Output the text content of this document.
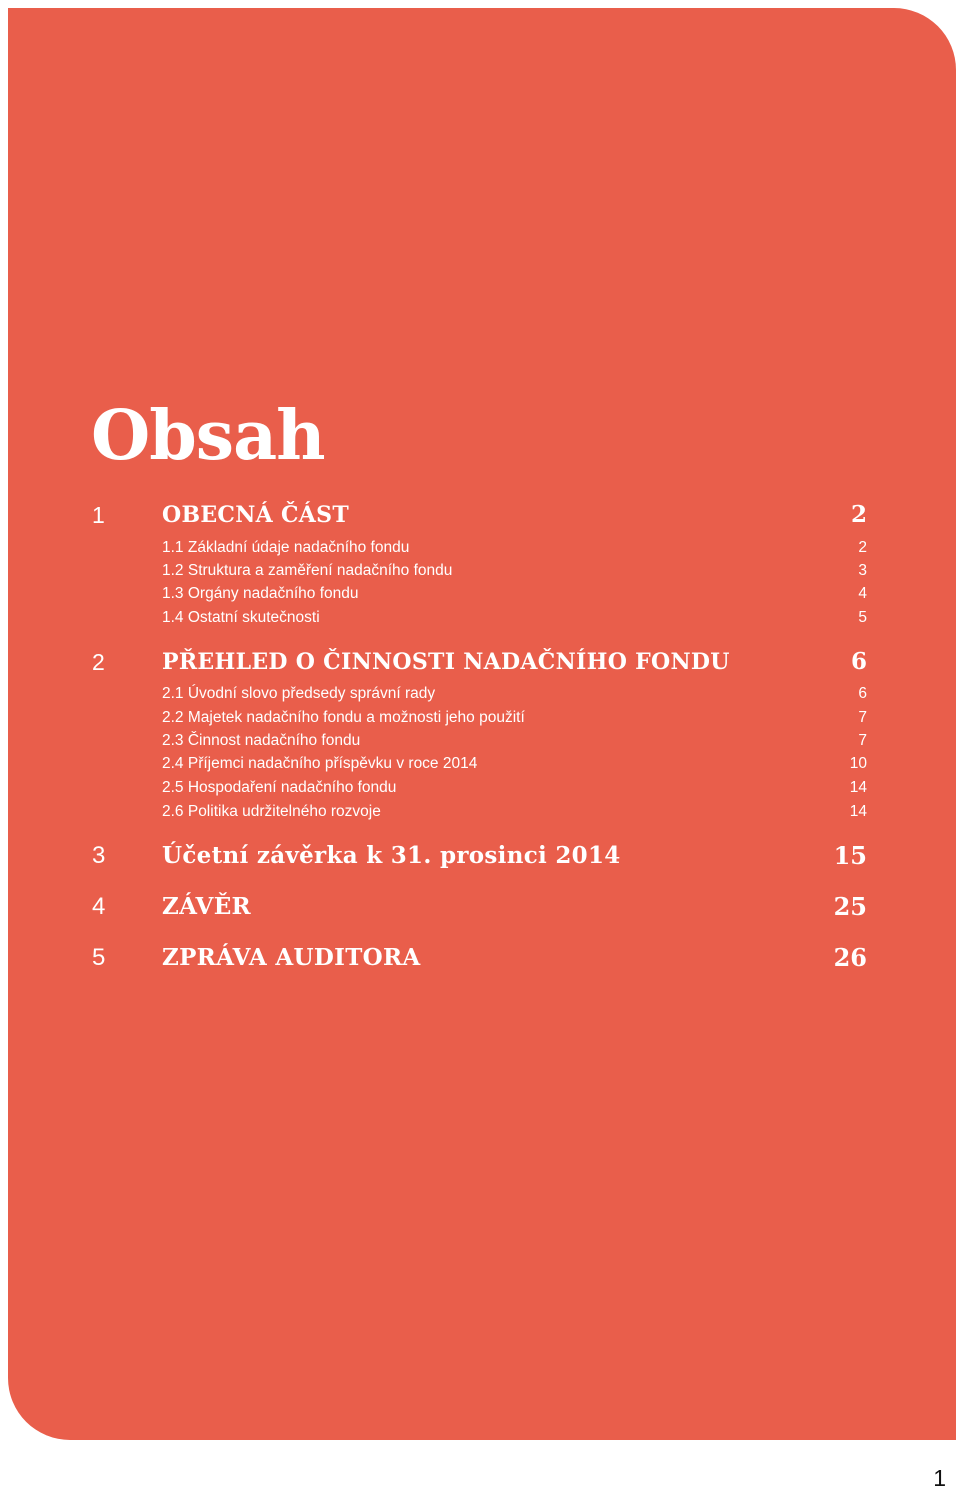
Obsah
1	OBECNÁ ČÁST	2
1.1 Základní údaje nadačního fondu	2
1.2 Struktura a zaměření nadačního fondu	3
1.3 Orgány nadačního fondu	4
1.4 Ostatní skutečnosti	5
2	PŘEHLED O ČINNOSTI NADAČNÍHO FONDU	6
2.1 Úvodní slovo předsedy správní rady	6
2.2 Majetek nadačního fondu a možnosti jeho použití	7
2.3 Činnost nadačního fondu	7
2.4 Příjemci nadačního příspěvku v roce 2014	10
2.5 Hospodaření nadačního fondu	14
2.6 Politika udržitelného rozvoje	14
3 Účetní závěrka k 31. prosinci 2014	15
4 ZÁVĚR	25
5 ZPRÁVA AUDITORA	26
1
